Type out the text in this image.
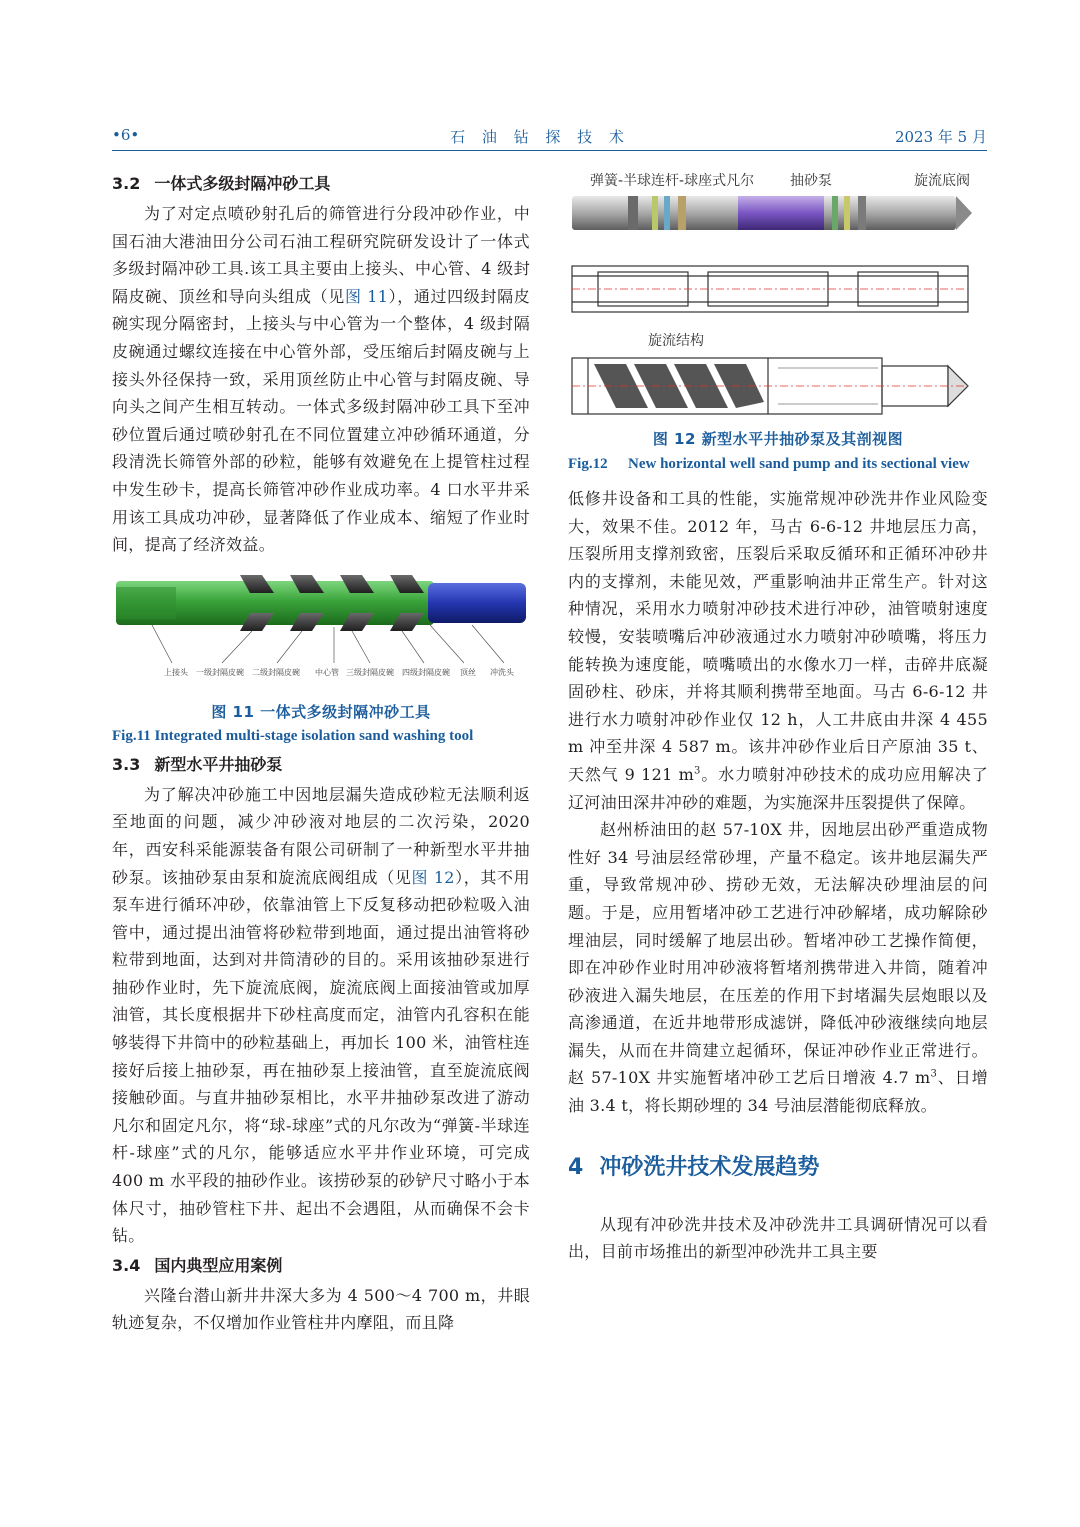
•6•	石 油 钻 探 技 术	2023 年 5 月
3.2 一体式多级封隔冲砂工具

为了对定点喷砂射孔后的筛管进行分段冲砂作业，中国石油大港油田分公司石油工程研究院研发设计了一体式多级封隔冲砂工具.该工具主要由上接头、中心管、4 级封隔皮碗、顶丝和导向头组成（见图 11），通过四级封隔皮碗实现分隔密封，上接头与中心管为一个整体，4 级封隔皮碗通过螺纹连接在中心管外部，受压缩后封隔皮碗与上接头外径保持一致，采用顶丝防止中心管与封隔皮碗、导向头之间产生相互转动。一体式多级封隔冲砂工具下至冲砂位置后通过喷砂射孔在不同位置建立冲砂循环通道，分段清洗长筛管外部的砂粒，能够有效避免在上提管柱过程中发生砂卡，提高长筛管冲砂作业成功率。4 口水平井采用该工具成功冲砂，显著降低了作业成本、缩短了作业时间，提高了经济效益。

上接头 一级封隔皮碗 二级封隔皮碗 中心管 三级封隔皮碗 四级封隔皮碗 顶丝 冲洗头
图 11 一体式多级封隔冲砂工具
Fig.11 Integrated multi-stage isolation sand washing tool
3.3 新型水平井抽砂泵

为了解决冲砂施工中因地层漏失造成砂粒无法顺利返至地面的问题，减少冲砂液对地层的二次污染，2020 年，西安科采能源装备有限公司研制了一种新型水平井抽砂泵。该抽砂泵由泵和旋流底阀组成（见图 12），其不用泵车进行循环冲砂，依靠油管上下反复移动把砂粒吸入油管中，通过提出油管将砂粒带到地面，通过提出油管将砂粒带到地面，达到对井筒清砂的目的。采用该抽砂泵进行抽砂作业时，先下旋流底阀，旋流底阀上面接油管或加厚油管，其长度根据井下砂柱高度而定，油管内孔容积在能够装得下井筒中的砂粒基础上，再加长 100 米，油管柱连接好后接上抽砂泵，再在抽砂泵上接油管，直至旋流底阀接触砂面。与直井抽砂泵相比，水平井抽砂泵改进了游动凡尔和固定凡尔，将“球-球座”式的凡尔改为“弹簧-半球连杆-球座”式的凡尔，能够适应水平井作业环境，可完成 400 m 水平段的抽砂作业。该捞砂泵的砂铲尺寸略小于本体尺寸，抽砂管柱下井、起出不会遇阻，从而确保不会卡钻。

3.4 国内典型应用案例

兴隆台潜山新井井深大多为 4 500～4 700 m，井眼轨迹复杂，不仅增加作业管柱井内摩阻，而且降

弹簧-半球连杆-球座式凡尔	抽砂泵	旋流底阀
旋流结构
图 12 新型水平井抽砂泵及其剖视图
Fig.12	New horizontal well sand pump and its sectional view

低修井设备和工具的性能，实施常规冲砂洗井作业风险变大，效果不佳。2012 年，马古 6-6-12 井地层压力高，压裂所用支撑剂致密，压裂后采取反循环和正循环冲砂井内的支撑剂，未能见效，严重影响油井正常生产。针对这种情况，采用水力喷射冲砂技术进行冲砂，油管喷射速度较慢，安装喷嘴后冲砂液通过水力喷射冲砂喷嘴，将压力能转换为速度能，喷嘴喷出的水像水刀一样，击碎井底凝固砂柱、砂床，并将其顺利携带至地面。马古 6-6-12 井进行水力喷射冲砂作业仅 12 h，人工井底由井深 4 455 m 冲至井深 4 587 m。该井冲砂作业后日产原油 35 t、天然气 9 121 $m^3$。水力喷射冲砂技术的成功应用解决了辽河油田深井冲砂的难题，为实施深井压裂提供了保障。

赵州桥油田的赵 57-10X 井，因地层出砂严重造成物性好 34 号油层经常砂埋，产量不稳定。该井地层漏失严重，导致常规冲砂、捞砂无效，无法解决砂埋油层的问题。于是，应用暂堵冲砂工艺进行冲砂解堵，成功解除砂埋油层，同时缓解了地层出砂。暂堵冲砂工艺操作简便，即在冲砂作业时用冲砂液将暂堵剂携带进入井筒，随着冲砂液进入漏失地层，在压差的作用下封堵漏失层炮眼以及高渗通道，在近井地带形成滤饼，降低冲砂液继续向地层漏失，从而在井筒建立起循环，保证冲砂作业正常进行。赵 57-10X 井实施暂堵冲砂工艺后日增液 4.7 $m^3$、日增油 3.4 t，将长期砂埋的 34 号油层潜能彻底释放。

4 冲砂洗井技术发展趋势

从现有冲砂洗井技术及冲砂洗井工具调研情况可以看出，目前市场推出的新型冲砂洗井工具主要
